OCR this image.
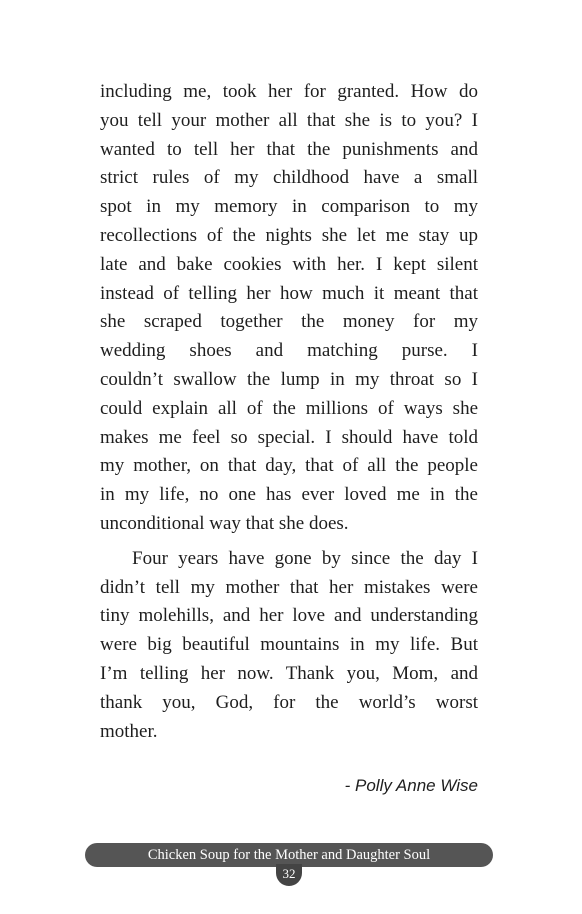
including me, took her for granted. How do
you tell your mother all that she is to you? I
wanted to tell her that the punishments and
strict rules of my childhood have a small
spot in my memory in comparison to my
recollections of the nights she let me stay up
late and bake cookies with her. I kept silent
instead of telling her how much it meant that
she scraped together the money for my
wedding shoes and matching purse. I
couldn’t swallow the lump in my throat so I
could explain all of the millions of ways she
makes me feel so special. I should have told
my mother, on that day, that of all the people
in my life, no one has ever loved me in the
unconditional way that she does.
Four years have gone by since the day I
didn’t tell my mother that her mistakes were
tiny molehills, and her love and understanding
were big beautiful mountains in my life. But
I’m telling her now. Thank you, Mom, and
thank you, God, for the world’s worst
mother.
- Polly Anne Wise
Chicken Soup for the Mother and Daughter Soul
32
